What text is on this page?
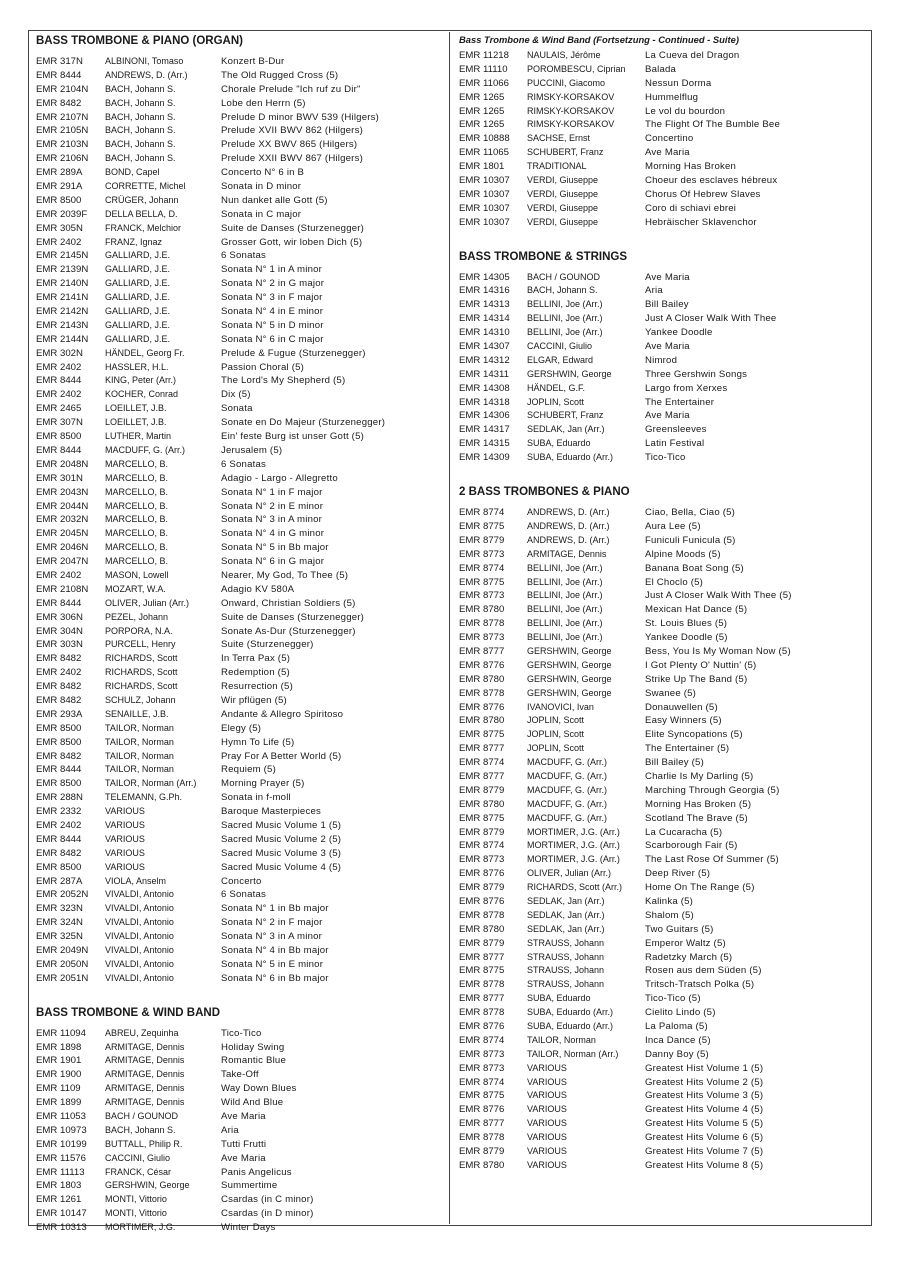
BASS TROMBONE & PIANO (ORGAN)
EMR 317N	ALBINONI, Tomaso	Konzert B-Dur
EMR 8444	ANDREWS, D. (Arr.)	The Old Rugged Cross (5)
EMR 2104N	BACH, Johann S.	Chorale Prelude "Ich ruf zu Dir"
EMR 8482	BACH, Johann S.	Lobe den Herrn (5)
EMR 2107N	BACH, Johann S.	Prelude D minor BWV 539 (Hilgers)
EMR 2105N	BACH, Johann S.	Prelude XVII BWV 862 (Hilgers)
EMR 2103N	BACH, Johann S.	Prelude XX BWV 865 (Hilgers)
EMR 2106N	BACH, Johann S.	Prelude XXII BWV 867 (Hilgers)
EMR 289A	BOND, Capel	Concerto N° 6 in B
EMR 291A	CORRETTE, Michel	Sonata in D minor
EMR 8500	CRÜGER, Johann	Nun danket alle Gott (5)
EMR 2039F	DELLA BELLA, D.	Sonata in C major
EMR 305N	FRANCK, Melchior	Suite de Danses (Sturzenegger)
EMR 2402	FRANZ, Ignaz	Grosser Gott, wir loben Dich (5)
EMR 2145N	GALLIARD, J.E.	6 Sonatas
EMR 2139N	GALLIARD, J.E.	Sonata N° 1 in A minor
EMR 2140N	GALLIARD, J.E.	Sonata N° 2 in G major
EMR 2141N	GALLIARD, J.E.	Sonata N° 3 in F major
EMR 2142N	GALLIARD, J.E.	Sonata N° 4 in E minor
EMR 2143N	GALLIARD, J.E.	Sonata N° 5 in D minor
EMR 2144N	GALLIARD, J.E.	Sonata N° 6 in C major
EMR 302N	HÄNDEL, Georg Fr.	Prelude & Fugue (Sturzenegger)
EMR 2402	HASSLER, H.L.	Passion Choral (5)
EMR 8444	KING, Peter (Arr.)	The Lord's My Shepherd (5)
EMR 2402	KOCHER, Conrad	Dix (5)
EMR 2465	LOEILLET, J.B.	Sonata
EMR 307N	LOEILLET, J.B.	Sonate en Do Majeur (Sturzenegger)
EMR 8500	LUTHER, Martin	Ein' feste Burg ist unser Gott (5)
EMR 8444	MACDUFF, G. (Arr.)	Jerusalem (5)
EMR 2048N	MARCELLO, B.	6 Sonatas
EMR 301N	MARCELLO, B.	Adagio - Largo - Allegretto
EMR 2043N	MARCELLO, B.	Sonata N° 1 in F major
EMR 2044N	MARCELLO, B.	Sonata N° 2 in E minor
EMR 2032N	MARCELLO, B.	Sonata N° 3 in A minor
EMR 2045N	MARCELLO, B.	Sonata N° 4 in G minor
EMR 2046N	MARCELLO, B.	Sonata N° 5 in Bb major
EMR 2047N	MARCELLO, B.	Sonata N° 6 in G major
EMR 2402	MASON, Lowell	Nearer, My God, To Thee (5)
EMR 2108N	MOZART, W.A.	Adagio KV 580A
EMR 8444	OLIVER, Julian (Arr.)	Onward, Christian Soldiers (5)
EMR 306N	PEZEL, Johann	Suite de Danses (Sturzenegger)
EMR 304N	PORPORA, N.A.	Sonate As-Dur (Sturzenegger)
EMR 303N	PURCELL, Henry	Suite (Sturzenegger)
EMR 8482	RICHARDS, Scott	In Terra Pax (5)
EMR 2402	RICHARDS, Scott	Redemption (5)
EMR 8482	RICHARDS, Scott	Resurrection (5)
EMR 8482	SCHULZ, Johann	Wir pflügen (5)
EMR 293A	SENAILLE, J.B.	Andante & Allegro Spiritoso
EMR 8500	TAILOR, Norman	Elegy (5)
EMR 8500	TAILOR, Norman	Hymn To Life (5)
EMR 8482	TAILOR, Norman	Pray For A Better World (5)
EMR 8444	TAILOR, Norman	Requiem (5)
EMR 8500	TAILOR, Norman (Arr.)	Morning Prayer (5)
EMR 288N	TELEMANN, G.Ph.	Sonata in f-moll
EMR 2332	VARIOUS	Baroque Masterpieces
EMR 2402	VARIOUS	Sacred Music Volume 1 (5)
EMR 8444	VARIOUS	Sacred Music Volume 2 (5)
EMR 8482	VARIOUS	Sacred Music Volume 3 (5)
EMR 8500	VARIOUS	Sacred Music Volume 4 (5)
EMR 287A	VIOLA, Anselm	Concerto
EMR 2052N	VIVALDI, Antonio	6 Sonatas
EMR 323N	VIVALDI, Antonio	Sonata N° 1 in Bb major
EMR 324N	VIVALDI, Antonio	Sonata N° 2 in F major
EMR 325N	VIVALDI, Antonio	Sonata N° 3 in A minor
EMR 2049N	VIVALDI, Antonio	Sonata N° 4 in Bb major
EMR 2050N	VIVALDI, Antonio	Sonata N° 5 in E minor
EMR 2051N	VIVALDI, Antonio	Sonata N° 6 in Bb major
BASS TROMBONE & WIND BAND
EMR 11094	ABREU, Zequinha	Tico-Tico
EMR 1898	ARMITAGE, Dennis	Holiday Swing
EMR 1901	ARMITAGE, Dennis	Romantic Blue
EMR 1900	ARMITAGE, Dennis	Take-Off
EMR 1109	ARMITAGE, Dennis	Way Down Blues
EMR 1899	ARMITAGE, Dennis	Wild And Blue
EMR 11053	BACH / GOUNOD	Ave Maria
EMR 10973	BACH, Johann S.	Aria
EMR 10199	BUTTALL, Philip R.	Tutti Frutti
EMR 11576	CACCINI, Giulio	Ave Maria
EMR 11113	FRANCK, César	Panis Angelicus
EMR 1803	GERSHWIN, George	Summertime
EMR 1261	MONTI, Vittorio	Csardas (in C minor)
EMR 10147	MONTI, Vittorio	Csardas (in D minor)
EMR 10313	MORTIMER, J.G.	Winter Days
Bass Trombone & Wind Band (Fortsetzung - Continued - Suite)
EMR 11218	NAULAIS, Jérôme	La Cueva del Dragon
EMR 11110	POROMBESCU, Ciprian	Balada
EMR 11066	PUCCINI, Giacomo	Nessun Dorma
EMR 1265	RIMSKY-KORSAKOV	Hummelflug
EMR 1265	RIMSKY-KORSAKOV	Le vol du bourdon
EMR 1265	RIMSKY-KORSAKOV	The Flight Of The Bumble Bee
EMR 10888	SACHSE, Ernst	Concertino
EMR 11065	SCHUBERT, Franz	Ave Maria
EMR 1801	TRADITIONAL	Morning Has Broken
EMR 10307	VERDI, Giuseppe	Choeur des esclaves hébreux
EMR 10307	VERDI, Giuseppe	Chorus Of Hebrew Slaves
EMR 10307	VERDI, Giuseppe	Coro di schiavi ebrei
EMR 10307	VERDI, Giuseppe	Hebräischer Sklavenchor
BASS TROMBONE & STRINGS
EMR 14305	BACH / GOUNOD	Ave Maria
EMR 14316	BACH, Johann S.	Aria
EMR 14313	BELLINI, Joe (Arr.)	Bill Bailey
EMR 14314	BELLINI, Joe (Arr.)	Just A Closer Walk With Thee
EMR 14310	BELLINI, Joe (Arr.)	Yankee Doodle
EMR 14307	CACCINI, Giulio	Ave Maria
EMR 14312	ELGAR, Edward	Nimrod
EMR 14311	GERSHWIN, George	Three Gershwin Songs
EMR 14308	HÄNDEL, G.F.	Largo from Xerxes
EMR 14318	JOPLIN, Scott	The Entertainer
EMR 14306	SCHUBERT, Franz	Ave Maria
EMR 14317	SEDLAK, Jan (Arr.)	Greensleeves
EMR 14315	SUBA, Eduardo	Latin Festival
EMR 14309	SUBA, Eduardo (Arr.)	Tico-Tico
2 BASS TROMBONES & PIANO
EMR 8774	ANDREWS, D. (Arr.)	Ciao, Bella, Ciao (5)
EMR 8775	ANDREWS, D. (Arr.)	Aura Lee (5)
EMR 8779	ANDREWS, D. (Arr.)	Funiculi Funicula (5)
EMR 8773	ARMITAGE, Dennis	Alpine Moods (5)
EMR 8774	BELLINI, Joe (Arr.)	Banana Boat Song (5)
EMR 8775	BELLINI, Joe (Arr.)	El Choclo (5)
EMR 8773	BELLINI, Joe (Arr.)	Just A Closer Walk With Thee (5)
EMR 8780	BELLINI, Joe (Arr.)	Mexican Hat Dance (5)
EMR 8778	BELLINI, Joe (Arr.)	St. Louis Blues (5)
EMR 8773	BELLINI, Joe (Arr.)	Yankee Doodle (5)
EMR 8777	GERSHWIN, George	Bess, You Is My Woman Now (5)
EMR 8776	GERSHWIN, George	I Got Plenty O' Nuttin' (5)
EMR 8780	GERSHWIN, George	Strike Up The Band (5)
EMR 8778	GERSHWIN, George	Swanee (5)
EMR 8776	IVANOVICI, Ivan	Donauwellen (5)
EMR 8780	JOPLIN, Scott	Easy Winners (5)
EMR 8775	JOPLIN, Scott	Elite Syncopations (5)
EMR 8777	JOPLIN, Scott	The Entertainer (5)
EMR 8774	MACDUFF, G. (Arr.)	Bill Bailey (5)
EMR 8777	MACDUFF, G. (Arr.)	Charlie Is My Darling (5)
EMR 8779	MACDUFF, G. (Arr.)	Marching Through Georgia (5)
EMR 8780	MACDUFF, G. (Arr.)	Morning Has Broken (5)
EMR 8775	MACDUFF, G. (Arr.)	Scotland The Brave (5)
EMR 8779	MORTIMER, J.G. (Arr.)	La Cucaracha (5)
EMR 8774	MORTIMER, J.G. (Arr.)	Scarborough Fair (5)
EMR 8773	MORTIMER, J.G. (Arr.)	The Last Rose Of Summer (5)
EMR 8776	OLIVER, Julian (Arr.)	Deep River (5)
EMR 8779	RICHARDS, Scott (Arr.)	Home On The Range (5)
EMR 8776	SEDLAK, Jan (Arr.)	Kalinka (5)
EMR 8778	SEDLAK, Jan (Arr.)	Shalom (5)
EMR 8780	SEDLAK, Jan (Arr.)	Two Guitars (5)
EMR 8779	STRAUSS, Johann	Emperor Waltz (5)
EMR 8777	STRAUSS, Johann	Radetzky March (5)
EMR 8775	STRAUSS, Johann	Rosen aus dem Süden (5)
EMR 8778	STRAUSS, Johann	Tritsch-Tratsch Polka (5)
EMR 8777	SUBA, Eduardo	Tico-Tico (5)
EMR 8778	SUBA, Eduardo (Arr.)	Cielito Lindo (5)
EMR 8776	SUBA, Eduardo (Arr.)	La Paloma (5)
EMR 8774	TAILOR, Norman	Inca Dance (5)
EMR 8773	TAILOR, Norman (Arr.)	Danny Boy (5)
EMR 8773	VARIOUS	Greatest Hist Volume 1 (5)
EMR 8774	VARIOUS	Greatest Hits Volume 2 (5)
EMR 8775	VARIOUS	Greatest Hits Volume 3 (5)
EMR 8776	VARIOUS	Greatest Hits Volume 4 (5)
EMR 8777	VARIOUS	Greatest Hits Volume 5 (5)
EMR 8778	VARIOUS	Greatest Hits Volume 6 (5)
EMR 8779	VARIOUS	Greatest Hits Volume 7 (5)
EMR 8780	VARIOUS	Greatest Hits Volume 8 (5)
